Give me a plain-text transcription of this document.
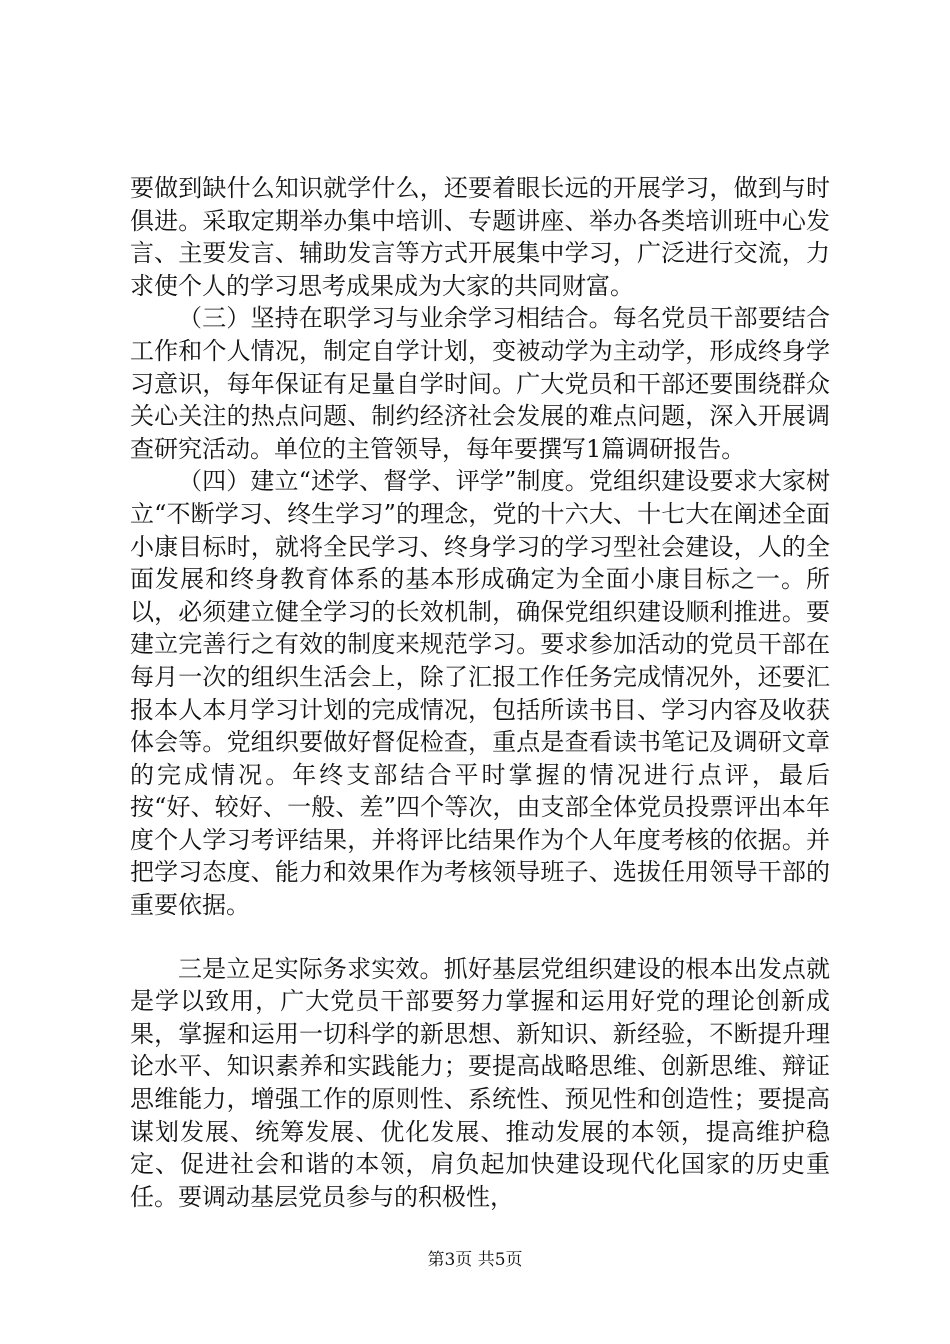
要做到缺什么知识就学什么，还要着眼长远的开展学习，做到与时俱进。采取定期举办集中培训、专题讲座、举办各类培训班中心发言、主要发言、辅助发言等方式开展集中学习，广泛进行交流，力求使个人的学习思考成果成为大家的共同财富。

（三）坚持在职学习与业余学习相结合。每名党员干部要结合工作和个人情况，制定自学计划，变被动学为主动学，形成终身学习意识，每年保证有足量自学时间。广大党员和干部还要围绕群众关心关注的热点问题、制约经济社会发展的难点问题，深入开展调查研究活动。单位的主管领导，每年要撰写1篇调研报告。

（四）建立“述学、督学、评学”制度。党组织建设要求大家树立“不断学习、终生学习”的理念，党的十六大、十七大在阐述全面小康目标时，就将全民学习、终身学习的学习型社会建设，人的全面发展和终身教育体系的基本形成确定为全面小康目标之一。所以，必须建立健全学习的长效机制，确保党组织建设顺利推进。要建立完善行之有效的制度来规范学习。要求参加活动的党员干部在每月一次的组织生活会上，除了汇报工作任务完成情况外，还要汇报本人本月学习计划的完成情况，包括所读书目、学习内容及收获体会等。党组织要做好督促检查，重点是查看读书笔记及调研文章的完成情况。年终支部结合平时掌握的情况进行点评，最后按“好、较好、一般、差”四个等次，由支部全体党员投票评出本年度个人学习考评结果，并将评比结果作为个人年度考核的依据。并把学习态度、能力和效果作为考核领导班子、选拔任用领导干部的重要依据。

三是立足实际务求实效。抓好基层党组织建设的根本出发点就是学以致用，广大党员干部要努力掌握和运用好党的理论创新成果，掌握和运用一切科学的新思想、新知识、新经验，不断提升理论水平、知识素养和实践能力；要提高战略思维、创新思维、辩证思维能力，增强工作的原则性、系统性、预见性和创造性；要提高谋划发展、统筹发展、优化发展、推动发展的本领，提高维护稳定、促进社会和谐的本领，肩负起加快建设现代化国家的历史重任。要调动基层党员参与的积极性，

第3页 共5页
